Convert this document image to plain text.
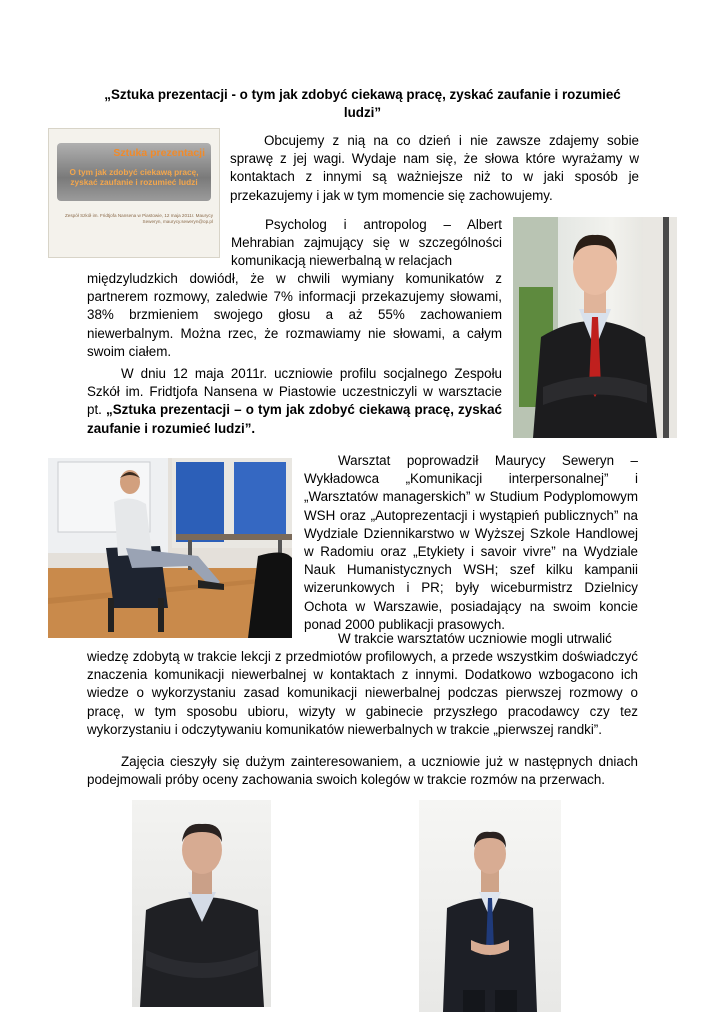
„Sztuka prezentacji - o tym jak zdobyć ciekawą pracę, zyskać zaufanie i rozumieć ludzi”
Sztuka prezentacji
O tym jak zdobyć ciekawą pracę, zyskać zaufanie i rozumieć ludzi
Zespół Szkół im. Fridtjofa Nansena w Piastowie, 12 maja 2011r. Maurycy Seweryn, maurycy.seweryn@op.pl
Obcujemy z nią na co dzień i nie zawsze zdajemy sobie sprawę z jej wagi. Wydaje nam się, że słowa które wyrażamy w kontaktach z innymi są ważniejsze niż to w jaki sposób je przekazujemy i jak w tym momencie się zachowujemy.
Psycholog i antropolog – Albert Mehrabian zajmujący się w szczególności komunikacją niewerbalną w relacjach
międzyludzkich dowiódł, że w chwili wymiany komunikatów z partnerem rozmowy, zaledwie 7% informacji przekazujemy słowami, 38% brzmieniem swojego głosu a aż 55% zachowaniem niewerbalnym. Można rzec, że rozmawiamy nie słowami, a całym swoim ciałem.
W dniu 12 maja 2011r. uczniowie profilu socjalnego Zespołu Szkół im. Fridtjofa Nansena w Piastowie uczestniczyli w warsztacie pt. „Sztuka prezentacji – o tym jak zdobyć ciekawą pracę, zyskać zaufanie i rozumieć ludzi”.
Warsztat poprowadził Maurycy Seweryn – Wykładowca „Komunikacji interpersonalnej” i „Warsztatów managerskich” w Studium Podyplomowym WSH oraz „Autoprezentacji i wystąpień publicznych” na Wydziale Dziennikarstwo w Wyższej Szkole Handlowej w Radomiu oraz „Etykiety i savoir vivre” na Wydziale Nauk Humanistycznych WSH; szef kilku kampanii wizerunkowych i PR; były wiceburmistrz Dzielnicy Ochota w Warszawie, posiadający na swoim koncie ponad 2000 publikacji prasowych.
W trakcie warsztatów uczniowie mogli utrwalić
wiedzę zdobytą w trakcie lekcji z przedmiotów profilowych, a przede wszystkim doświadczyć znaczenia komunikacji niewerbalnej w kontaktach z innymi. Dodatkowo wzbogacono ich wiedze o wykorzystaniu zasad komunikacji niewerbalnej podczas pierwszej rozmowy o pracę, w tym sposobu ubioru, wizyty w gabinecie przyszłego pracodawcy czy tez wykorzystaniu i odczytywaniu komunikatów niewerbalnych w trakcie „pierwszej randki”.
Zajęcia cieszyły się dużym zainteresowaniem, a uczniowie już w następnych dniach podejmowali próby oceny zachowania swoich kolegów w trakcie rozmów na przerwach.
